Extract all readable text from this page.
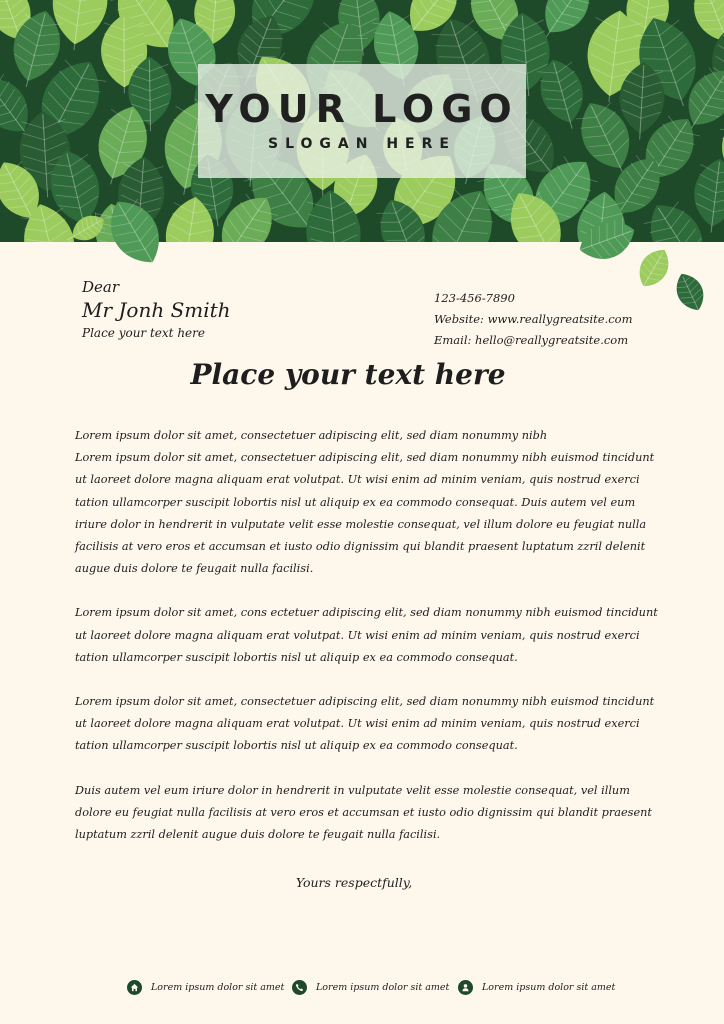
YOUR LOGO
SLOGAN HERE
Dear
Mr Jonh Smith
Place your text here
123-456-7890
Website: www.reallygreatsite.com
Email: hello@reallygreatsite.com
Place your text here
Lorem ipsum dolor sit amet, consectetuer adipiscing elit, sed diam nonummy nibh

Lorem ipsum dolor sit amet, consectetuer adipiscing elit, sed diam nonummy nibh euismod tincidunt ut laoreet dolore magna aliquam erat volutpat. Ut wisi enim ad minim veniam, quis nostrud exerci tation ullamcorper suscipit lobortis nisl ut aliquip ex ea commodo consequat. Duis autem vel eum iriure dolor in hendrerit in vulputate velit esse molestie consequat, vel illum dolore eu feugiat nulla facilisis at vero eros et accumsan et iusto odio dignissim qui blandit praesent luptatum zzril delenit augue duis dolore te feugait nulla facilisi.

Lorem ipsum dolor sit amet, cons ectetuer adipiscing elit, sed diam nonummy nibh euismod tincidunt ut laoreet dolore magna aliquam erat volutpat. Ut wisi enim ad minim veniam, quis nostrud exerci tation ullamcorper suscipit lobortis nisl ut aliquip ex ea commodo consequat.

Lorem ipsum dolor sit amet, consectetuer adipiscing elit, sed diam nonummy nibh euismod tincidunt ut laoreet dolore magna aliquam erat volutpat. Ut wisi enim ad minim veniam, quis nostrud exerci tation ullamcorper suscipit lobortis nisl ut aliquip ex ea commodo consequat.

Duis autem vel eum iriure dolor in hendrerit in vulputate velit esse molestie consequat, vel illum dolore eu feugiat nulla facilisis at vero eros et accumsan et iusto odio dignissim qui blandit praesent luptatum zzril delenit augue duis dolore te feugait nulla facilisi.

Yours respectfully,
Lorem ipsum dolor sit amet	Lorem ipsum dolor sit amet	Lorem ipsum dolor sit amet
